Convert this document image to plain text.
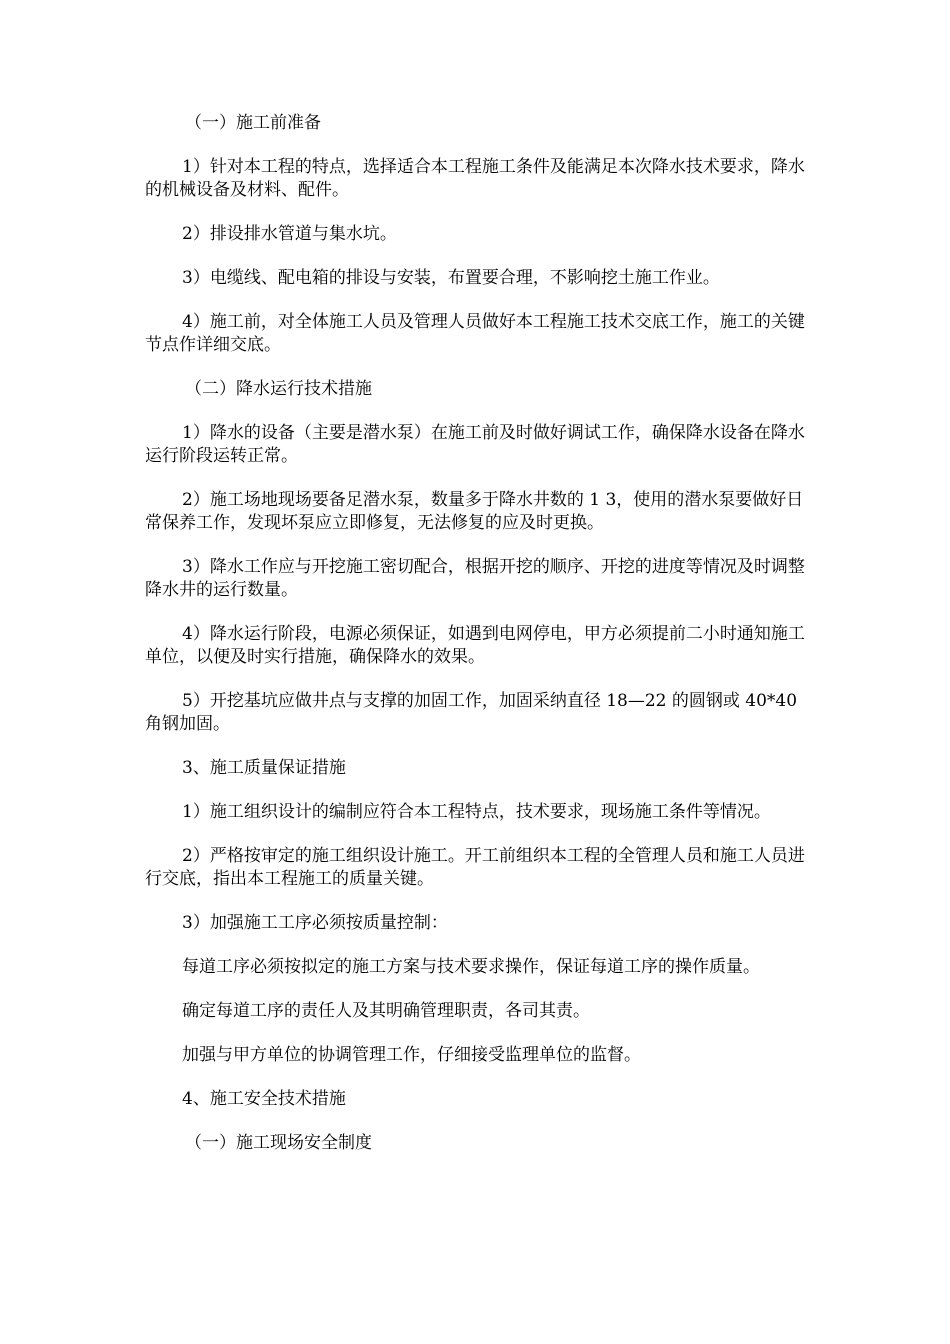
（一）施工前准备

1）针对本工程的特点，选择适合本工程施工条件及能满足本次降水技术要求，降水的机械设备及材料、配件。

2）排设排水管道与集水坑。

3）电缆线、配电箱的排设与安装，布置要合理，不影响挖土施工作业。

4）施工前，对全体施工人员及管理人员做好本工程施工技术交底工作，施工的关键节点作详细交底。

（二）降水运行技术措施

1）降水的设备（主要是潜水泵）在施工前及时做好调试工作，确保降水设备在降水运行阶段运转正常。

2）施工场地现场要备足潜水泵，数量多于降水井数的 1 3，使用的潜水泵要做好日常保养工作，发现坏泵应立即修复，无法修复的应及时更换。

3）降水工作应与开挖施工密切配合，根据开挖的顺序、开挖的进度等情况及时调整降水井的运行数量。

4）降水运行阶段，电源必须保证，如遇到电网停电，甲方必须提前二小时通知施工单位，以便及时实行措施，确保降水的效果。

5）开挖基坑应做井点与支撑的加固工作，加固采纳直径 18—22 的圆钢或 40*40 角钢加固。

3、施工质量保证措施

1）施工组织设计的编制应符合本工程特点，技术要求，现场施工条件等情况。

2）严格按审定的施工组织设计施工。开工前组织本工程的全管理人员和施工人员进行交底，指出本工程施工的质量关键。

3）加强施工工序必须按质量控制：

每道工序必须按拟定的施工方案与技术要求操作，保证每道工序的操作质量。

确定每道工序的责任人及其明确管理职责，各司其责。

加强与甲方单位的协调管理工作，仔细接受监理单位的监督。

4、施工安全技术措施

（一）施工现场安全制度
